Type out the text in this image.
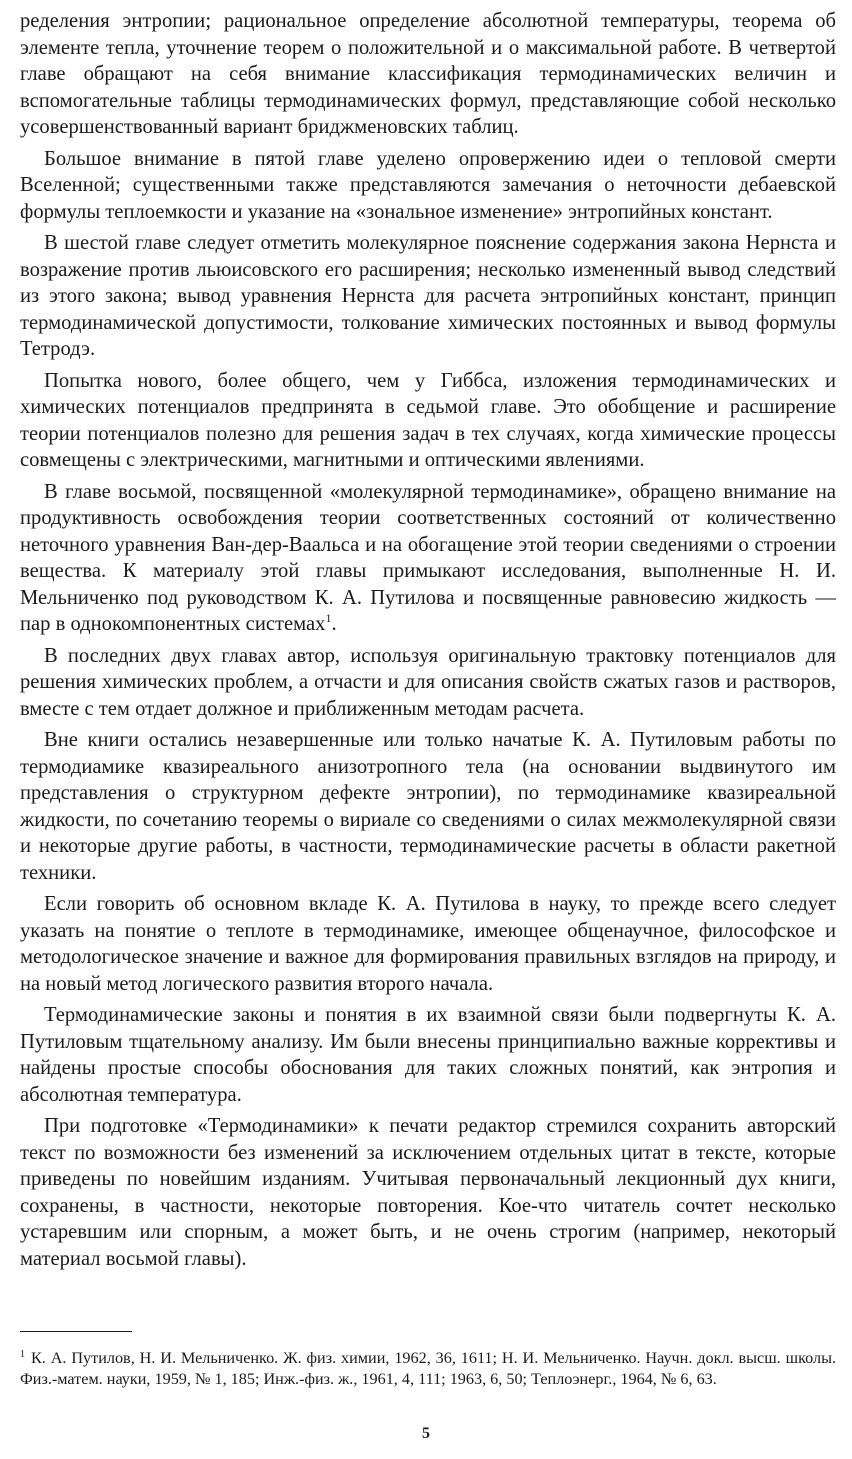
ределения энтропии; рациональное определение абсолютной температуры, теорема об элементе тепла, уточнение теорем о положительной и о максимальной работе. В четвертой главе обращают на себя внимание классификация термодинамических величин и вспомогательные таблицы термодинамических формул, представляющие собой несколько усовершенствованный вариант бриджменовских таблиц.

Большое внимание в пятой главе уделено опровержению идеи о тепловой смерти Вселенной; существенными также представляются замечания о неточности дебаевской формулы теплоемкости и указание на «зональное изменение» энтропийных констант.

В шестой главе следует отметить молекулярное пояснение содержания закона Нернста и возражение против льюисовского его расширения; несколько измененный вывод следствий из этого закона; вывод уравнения Нернста для расчета энтропийных констант, принцип термодинамической допустимости, толкование химических постоянных и вывод формулы Тетродэ.

Попытка нового, более общего, чем у Гиббса, изложения термодинамических и химических потенциалов предпринята в седьмой главе. Это обобщение и расширение теории потенциалов полезно для решения задач в тех случаях, когда химические процессы совмещены с электрическими, магнитными и оптическими явлениями.

В главе восьмой, посвященной «молекулярной термодинамике», обращено внимание на продуктивность освобождения теории соответственных состояний от количественно неточного уравнения Ван-дер-Ваальса и на обогащение этой теории сведениями о строении вещества. К материалу этой главы примыкают исследования, выполненные Н. И. Мельниченко под руководством К. А. Путилова и посвященные равновесию жидкость — пар в однокомпонентных системах$^1$.

В последних двух главах автор, используя оригинальную трактовку потенциалов для решения химических проблем, а отчасти и для описания свойств сжатых газов и растворов, вместе с тем отдает должное и приближенным методам расчета.

Вне книги остались незавершенные или только начатые К. А. Путиловым работы по термодиамике квазиреального анизотропного тела (на основании выдвинутого им представления о структурном дефекте энтропии), по термодинамике квазиреальной жидкости, по сочетанию теоремы о вириале со сведениями о силах межмолекулярной связи и некоторые другие работы, в частности, термодинамические расчеты в области ракетной техники.

Если говорить об основном вкладе К. А. Путилова в науку, то прежде всего следует указать на понятие о теплоте в термодинамике, имеющее общенаучное, философское и методологическое значение и важное для формирования правильных взглядов на природу, и на новый метод логического развития второго начала.

Термодинамические законы и понятия в их взаимной связи были подвергнуты К. А. Путиловым тщательному анализу. Им были внесены принципиально важные коррективы и найдены простые способы обоснования для таких сложных понятий, как энтропия и абсолютная температура.

При подготовке «Термодинамики» к печати редактор стремился сохранить авторский текст по возможности без изменений за исключением отдельных цитат в тексте, которые приведены по новейшим изданиям. Учитывая первоначальный лекционный дух книги, сохранены, в частности, некоторые повторения. Кое-что читатель сочтет несколько устаревшим или спорным, а может быть, и не очень строгим (например, некоторый материал восьмой главы).

$^1$ К. А. Путилов, Н. И. Мельниченко. Ж. физ. химии, 1962, 36, 1611; Н. И. Мельниченко. Научн. докл. высш. школы. Физ.-матем. науки, 1959, № 1, 185; Инж.-физ. ж., 1961, 4, 111; 1963, 6, 50; Теплоэнерг., 1964, № 6, 63.
5
